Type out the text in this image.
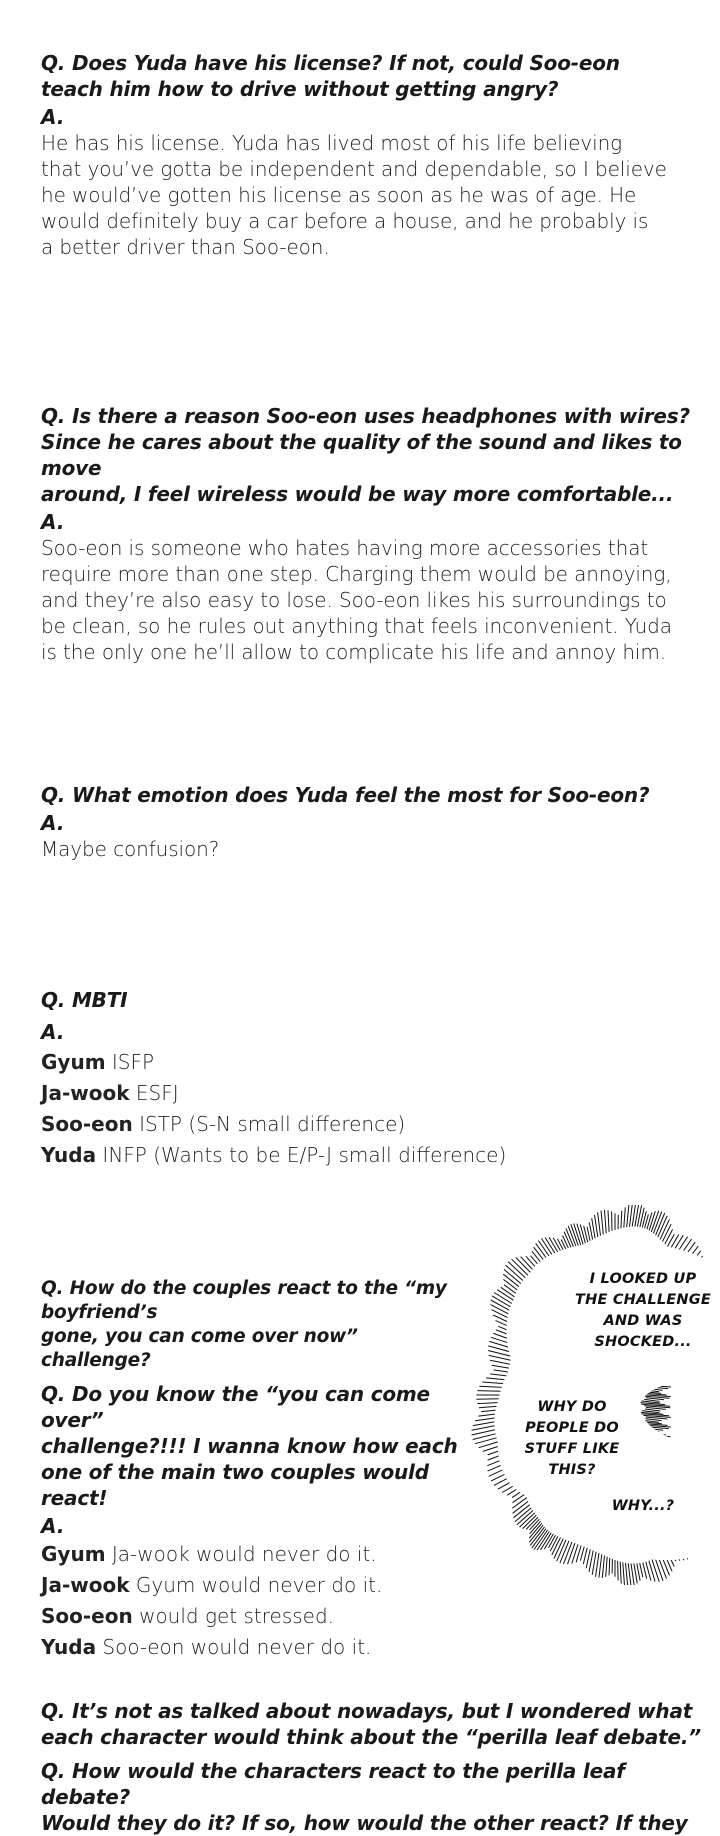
Q. Does Yuda have his license? If not, could Soo-eon

teach him how to drive without getting angry?

A.

He has his license. Yuda has lived most of his life believing

that you’ve gotta be independent and dependable, so I believe

he would’ve gotten his license as soon as he was of age. He

would definitely buy a car before a house, and he probably is

a better driver than Soo-eon.

Q. Is there a reason Soo-eon uses headphones with wires?

Since he cares about the quality of the sound and likes to move

around, I feel wireless would be way more comfortable...

A.

Soo-eon is someone who hates having more accessories that

require more than one step. Charging them would be annoying,

and they’re also easy to lose. Soo-eon likes his surroundings to

be clean, so he rules out anything that feels inconvenient. Yuda

is the only one he’ll allow to complicate his life and annoy him.

Q. What emotion does Yuda feel the most for Soo-eon?

A.

Maybe confusion?

Q. MBTI

A.

Gyum ISFP

Ja-wook ESFJ

Soo-eon ISTP (S-N small difference)

Yuda INFP (Wants to be E/P-J small difference)

Q. How do the couples react to the “my boyfriend’s

gone, you can come over now” challenge?

Q. Do you know the “you can come over”

challenge?!!! I wanna know how each

one of the main two couples would react!

A.

Gyum Ja-wook would never do it.

Ja-wook Gyum would never do it.

Soo-eon would get stressed.

Yuda Soo-eon would never do it.

I LOOKED UP
THE CHALLENGE
AND WAS
SHOCKED...
WHY DO
PEOPLE DO
STUFF LIKE
THIS?
WHY...?

Q. It’s not as talked about nowadays, but I wondered what

each character would think about the “perilla leaf debate.”

Q. How would the characters react to the perilla leaf debate?

Would they do it? If so, how would the other react? If they
